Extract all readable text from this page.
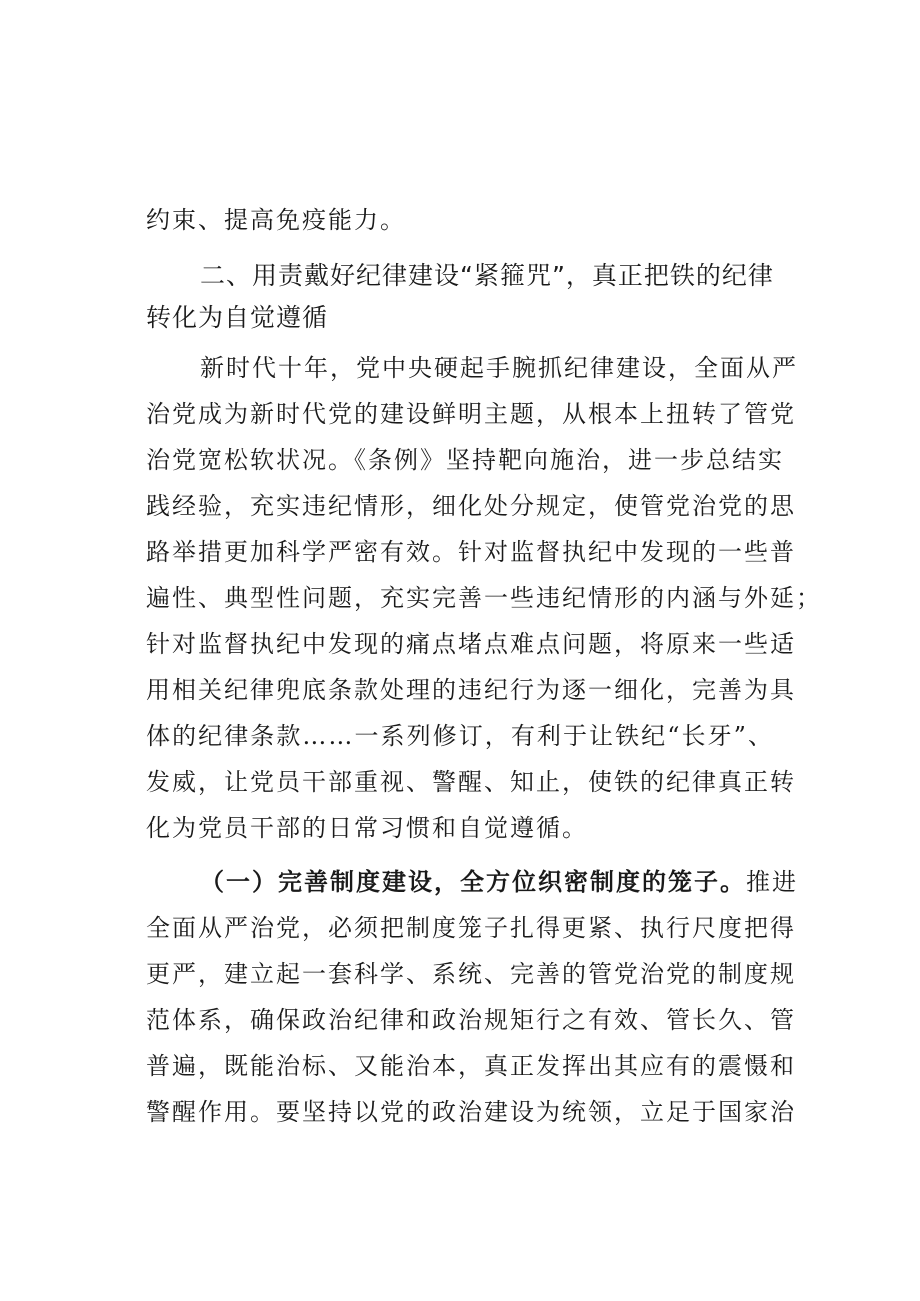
约束、提高免疫能力。
二、用责戴好纪律建设“紧箍咒”，真正把铁的纪律转化为自觉遵循
新时代十年，党中央硬起手腕抓纪律建设，全面从严
治党成为新时代党的建设鲜明主题，从根本上扭转了管党
治党宽松软状况。《条例》坚持靶向施治，进一步总结实
践经验，充实违纪情形，细化处分规定，使管党治党的思
路举措更加科学严密有效。针对监督执纪中发现的一些普
遍性、典型性问题，充实完善一些违纪情形的内涵与外延；
针对监督执纪中发现的痛点堵点难点问题，将原来一些适
用相关纪律兜底条款处理的违纪行为逐一细化，完善为具
体的纪律条款……一系列修订，有利于让铁纪“长牙”、
发威，让党员干部重视、警醒、知止，使铁的纪律真正转
化为党员干部的日常习惯和自觉遵循。
（一）完善制度建设，全方位织密制度的笼子。推进
全面从严治党，必须把制度笼子扎得更紧、执行尺度把得
更严，建立起一套科学、系统、完善的管党治党的制度规
范体系，确保政治纪律和政治规矩行之有效、管长久、管
普遍，既能治标、又能治本，真正发挥出其应有的震慑和
警醒作用。要坚持以党的政治建设为统领，立足于国家治
